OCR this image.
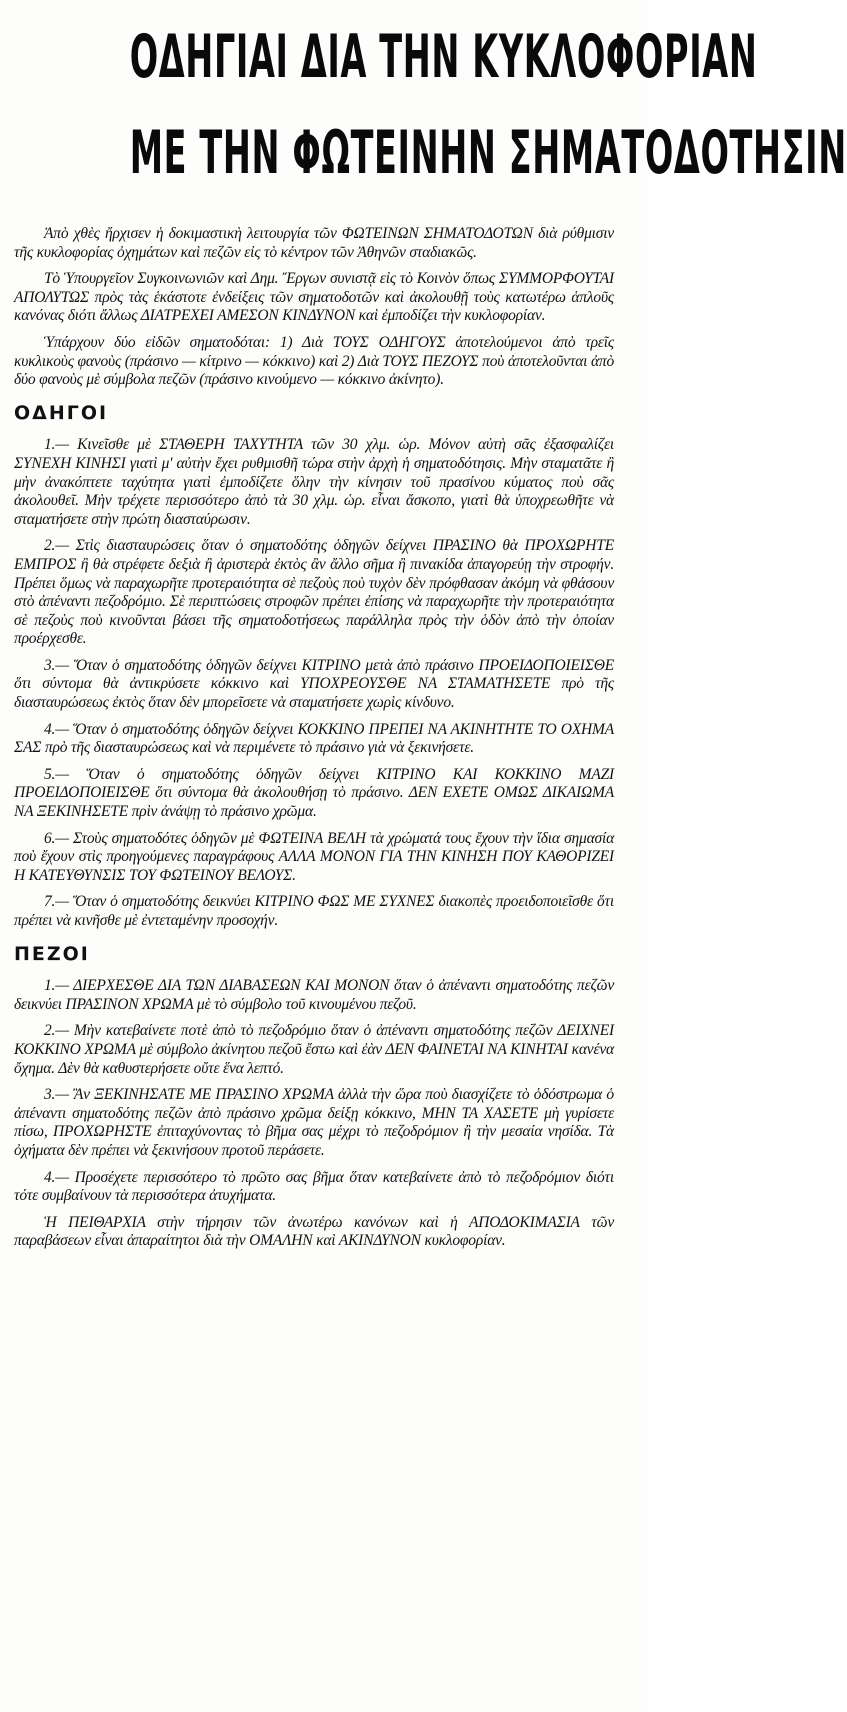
ΟΔΗΓΙΑΙ ΔΙΑ ΤΗΝ ΚΥΚΛΟΦΟΡΙΑΝ
ΜΕ ΤΗΝ ΦΩΤΕΙΝΗΝ ΣΗΜΑΤΟΔΟΤΗΣΙΝ

Ἀπὸ χθὲς ἤρχισεν ἡ δοκιμαστικὴ λειτουργία τῶν ΦΩΤΕΙΝΩΝ ΣΗΜΑΤΟΔΟΤΩΝ διὰ ρύθμισιν τῆς κυκλοφορίας ὀχημάτων καὶ πεζῶν εἰς τὸ κέντρον τῶν Ἀθηνῶν σταδιακῶς.

Τὸ Ὑπουργεῖον Συγκοινωνιῶν καὶ Δημ. Ἔργων συνιστᾷ εἰς τὸ Κοινὸν ὅπως ΣΥΜΜΟΡΦΟΥΤΑΙ ΑΠΟΛΥΤΩΣ πρὸς τὰς ἑκάστοτε ἐνδείξεις τῶν σηματοδοτῶν καὶ ἀκολουθῇ τοὺς κατωτέρω ἁπλοῦς κανόνας διότι ἄλλως ΔΙΑΤΡΕΧΕΙ ΑΜΕΣΟΝ ΚΙΝΔΥΝΟΝ καὶ ἐμποδίζει τὴν κυκλοφορίαν.

Ὑπάρχουν δύο εἰδῶν σηματοδόται: 1) Διὰ ΤΟΥΣ ΟΔΗΓΟΥΣ ἀποτελούμενοι ἀπὸ τρεῖς κυκλικοὺς φανοὺς (πράσινο — κίτρινο — κόκκινο) καὶ 2) Διὰ ΤΟΥΣ ΠΕΖΟΥΣ ποὺ ἀποτελοῦνται ἀπὸ δύο φανοὺς μὲ σύμβολα πεζῶν (πράσινο κινούμενο — κόκκινο ἀκίνητο).

ΟΔΗΓΟΙ

1.— Κινεῖσθε μὲ ΣΤΑΘΕΡΗ ΤΑΧΥΤΗΤΑ τῶν 30 χλμ. ὡρ. Μόνον αὐτὴ σᾶς ἐξασφαλίζει ΣΥΝΕΧΗ ΚΙΝΗΣΙ γιατὶ μ' αὐτὴν ἔχει ρυθμισθῆ τώρα στὴν ἀρχὴ ἡ σηματοδότησις. Μὴν σταματᾶτε ἢ μὴν ἀνακόπτετε ταχύτητα γιατὶ ἐμποδίζετε ὅλην τὴν κίνησιν τοῦ πρασίνου κύματος ποὺ σᾶς ἀκολουθεῖ. Μὴν τρέχετε περισσότερο ἀπὸ τὰ 30 χλμ. ὡρ. εἶναι ἄσκοπο, γιατὶ θὰ ὑποχρεωθῆτε νὰ σταματήσετε στὴν πρώτη διασταύρωσιν.

2.— Στὶς διασταυρώσεις ὅταν ὁ σηματοδότης ὁδηγῶν δείχνει ΠΡΑΣΙΝΟ θὰ ΠΡΟΧΩΡΗΤΕ ΕΜΠΡΟΣ ἢ θὰ στρέφετε δεξιὰ ἢ ἀριστερὰ ἐκτὸς ἂν ἄλλο σῆμα ἢ πινακίδα ἀπαγορεύῃ τὴν στροφήν. Πρέπει ὅμως νὰ παραχωρῆτε προτεραιότητα σὲ πεζοὺς ποὺ τυχὸν δὲν πρόφθασαν ἀκόμη νὰ φθάσουν στὸ ἀπέναντι πεζοδρόμιο. Σὲ περιπτώσεις στροφῶν πρέπει ἐπίσης νὰ παραχωρῆτε τὴν προτεραιότητα σὲ πεζοὺς ποὺ κινοῦνται βάσει τῆς σηματοδοτήσεως παράλληλα πρὸς τὴν ὁδὸν ἀπὸ τὴν ὁποίαν προέρχεσθε.

3.— Ὅταν ὁ σηματοδότης ὁδηγῶν δείχνει ΚΙΤΡΙΝΟ μετὰ ἀπὸ πράσινο ΠΡΟΕΙΔΟΠΟΙΕΙΣΘΕ ὅτι σύντομα θὰ ἀντικρύσετε κόκκινο καὶ ΥΠΟΧΡΕΟΥΣΘΕ ΝΑ ΣΤΑΜΑΤΗΣΕΤΕ πρὸ τῆς διασταυρώσεως ἐκτὸς ὅταν δὲν μπορεῖσετε νὰ σταματήσετε χωρὶς κίνδυνο.

4.— Ὅταν ὁ σηματοδότης ὁδηγῶν δείχνει ΚΟΚΚΙΝΟ ΠΡΕΠΕΙ ΝΑ ΑΚΙΝΗΤΗΤΕ ΤΟ ΟΧΗΜΑ ΣΑΣ πρὸ τῆς διασταυρώσεως καὶ νὰ περιμένετε τὸ πράσινο γιὰ νὰ ξεκινήσετε.

5.— Ὅταν ὁ σηματοδότης ὁδηγῶν δείχνει ΚΙΤΡΙΝΟ ΚΑΙ ΚΟΚΚΙΝΟ ΜΑΖΙ ΠΡΟΕΙΔΟΠΟΙΕΙΣΘΕ ὅτι σύντομα θὰ ἀκολουθήσῃ τὸ πράσινο. ΔΕΝ ΕΧΕΤΕ ΟΜΩΣ ΔΙΚΑΙΩΜΑ ΝΑ ΞΕΚΙΝΗΣΕΤΕ πρὶν ἀνάψῃ τὸ πράσινο χρῶμα.

6.— Στοὺς σηματοδότες ὁδηγῶν μὲ ΦΩΤΕΙΝΑ ΒΕΛΗ τὰ χρώματά τους ἔχουν τὴν ἴδια σημασία ποὺ ἔχουν στὶς προηγούμενες παραγράφους ΑΛΛΑ ΜΟΝΟΝ ΓΙΑ ΤΗΝ ΚΙΝΗΣΗ ΠΟΥ ΚΑΘΟΡΙΖΕΙ Η ΚΑΤΕΥΘΥΝΣΙΣ ΤΟΥ ΦΩΤΕΙΝΟΥ ΒΕΛΟΥΣ.

7.— Ὅταν ὁ σηματοδότης δεικνύει ΚΙΤΡΙΝΟ ΦΩΣ ΜΕ ΣΥΧΝΕΣ διακοπὲς προειδοποιεῖσθε ὅτι πρέπει νὰ κινῆσθε μὲ ἐντεταμένην προσοχήν.

ΠΕΖΟΙ

1.— ΔΙΕΡΧΕΣΘΕ ΔΙΑ ΤΩΝ ΔΙΑΒΑΣΕΩΝ ΚΑΙ ΜΟΝΟΝ ὅταν ὁ ἀπέναντι σηματοδότης πεζῶν δεικνύει ΠΡΑΣΙΝΟΝ ΧΡΩΜΑ μὲ τὸ σύμβολο τοῦ κινουμένου πεζοῦ.

2.— Μὴν κατεβαίνετε ποτὲ ἀπὸ τὸ πεζοδρόμιο ὅταν ὁ ἀπέναντι σηματοδότης πεζῶν ΔΕΙΧΝΕΙ ΚΟΚΚΙΝΟ ΧΡΩΜΑ μὲ σύμβολο ἀκίνητου πεζοῦ ἔστω καὶ ἐὰν ΔΕΝ ΦΑΙΝΕΤΑΙ ΝΑ ΚΙΝΗΤΑΙ κανένα ὄχημα. Δὲν θὰ καθυστερήσετε οὔτε ἕνα λεπτό.

3.— Ἂν ΞΕΚΙΝΗΣΑΤΕ ΜΕ ΠΡΑΣΙΝΟ ΧΡΩΜΑ ἀλλὰ τὴν ὥρα ποὺ διασχίζετε τὸ ὁδόστρωμα ὁ ἀπέναντι σηματοδότης πεζῶν ἀπὸ πράσινο χρῶμα δείξῃ κόκκινο, ΜΗΝ ΤΑ ΧΑΣΕΤΕ μὴ γυρίσετε πίσω, ΠΡΟΧΩΡΗΣΤΕ ἐπιταχύνοντας τὸ βῆμα σας μέχρι τὸ πεζοδρόμιον ἢ τὴν μεσαία νησίδα. Τὰ ὀχήματα δὲν πρέπει νὰ ξεκινήσουν προτοῦ περάσετε.

4.— Προσέχετε περισσότερο τὸ πρῶτο σας βῆμα ὅταν κατεβαίνετε ἀπὸ τὸ πεζοδρόμιον διότι τότε συμβαίνουν τὰ περισσότερα ἀτυχήματα.

Ἡ ΠΕΙΘΑΡΧΙΑ στὴν τήρησιν τῶν ἀνωτέρω κανόνων καὶ ἡ ΑΠΟΔΟΚΙΜΑΣΙΑ τῶν παραβάσεων εἶναι ἀπαραίτητοι διὰ τὴν ΟΜΑΛΗΝ καὶ ΑΚΙΝΔΥΝΟΝ κυκλοφορίαν.
